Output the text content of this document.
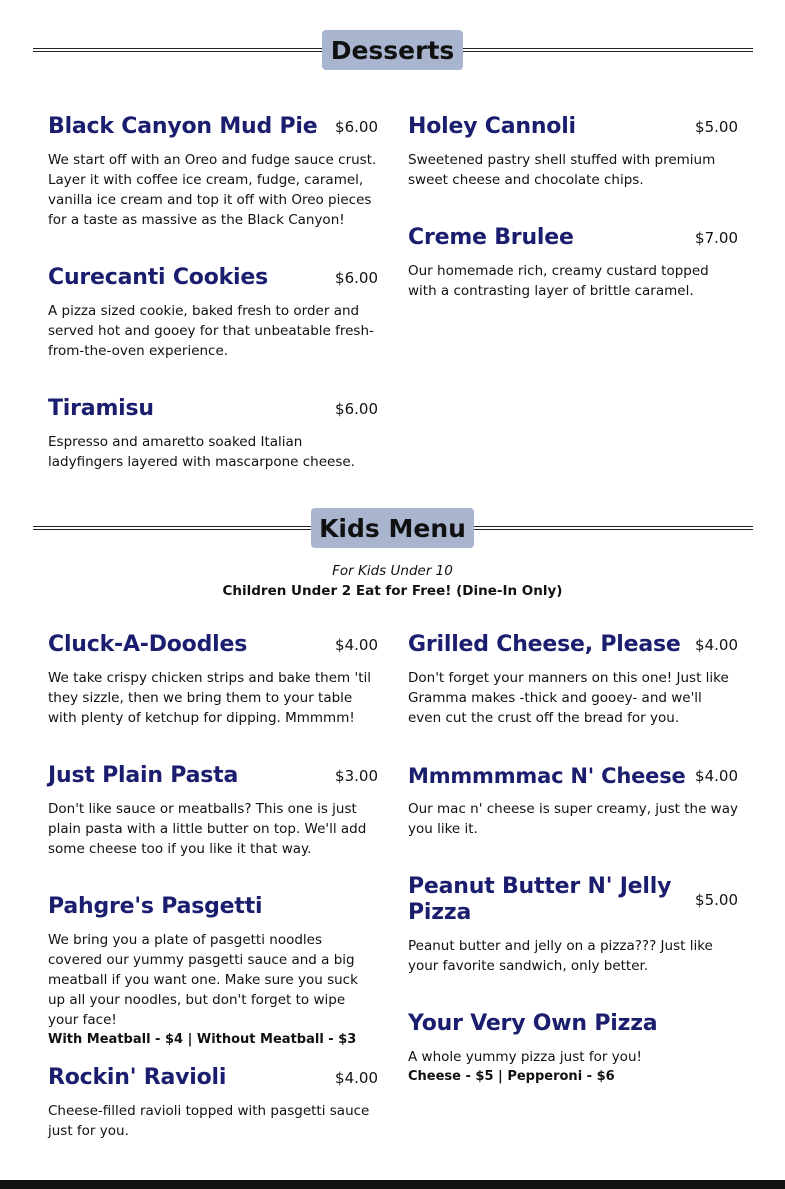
Desserts
Black Canyon Mud Pie $6.00
We start off with an Oreo and fudge sauce crust. Layer it with coffee ice cream, fudge, caramel, vanilla ice cream and top it off with Oreo pieces for a taste as massive as the Black Canyon!
Holey Cannoli	$5.00
Sweetened pastry shell stuffed with premium sweet cheese and chocolate chips.
Curecanti Cookies	$6.00
A pizza sized cookie, baked fresh to order and served hot and gooey for that unbeatable fresh-from-the-oven experience.
Creme Brulee	$7.00
Our homemade rich, creamy custard topped with a contrasting layer of brittle caramel.
Tiramisu	$6.00
Espresso and amaretto soaked Italian ladyfingers layered with mascarpone cheese.
Kids Menu
For Kids Under 10
Children Under 2 Eat for Free! (Dine-In Only)
Cluck-A-Doodles	$4.00
We take crispy chicken strips and bake them 'til they sizzle, then we bring them to your table with plenty of ketchup for dipping. Mmmmm!
Grilled Cheese, Please $4.00
Don't forget your manners on this one! Just like Gramma makes -thick and gooey- and we'll even cut the crust off the bread for you.
Just Plain Pasta	$3.00
Don't like sauce or meatballs? This one is just plain pasta with a little butter on top. We'll add some cheese too if you like it that way.
Mmmmmmac N' Cheese $4.00
Our mac n' cheese is super creamy, just the way you like it.
Pahgre's Pasgetti
We bring you a plate of pasgetti noodles covered our yummy pasgetti sauce and a big meatball if you want one. Make sure you suck up all your noodles, but don't forget to wipe your face!
With Meatball - $4 | Without Meatball - $3
Peanut Butter N' Jelly Pizza	$5.00
Peanut butter and jelly on a pizza??? Just like your favorite sandwich, only better.
Your Very Own Pizza
A whole yummy pizza just for you!
Cheese - $5 | Pepperoni - $6
Rockin' Ravioli	$4.00
Cheese-filled ravioli topped with pasgetti sauce just for you.
